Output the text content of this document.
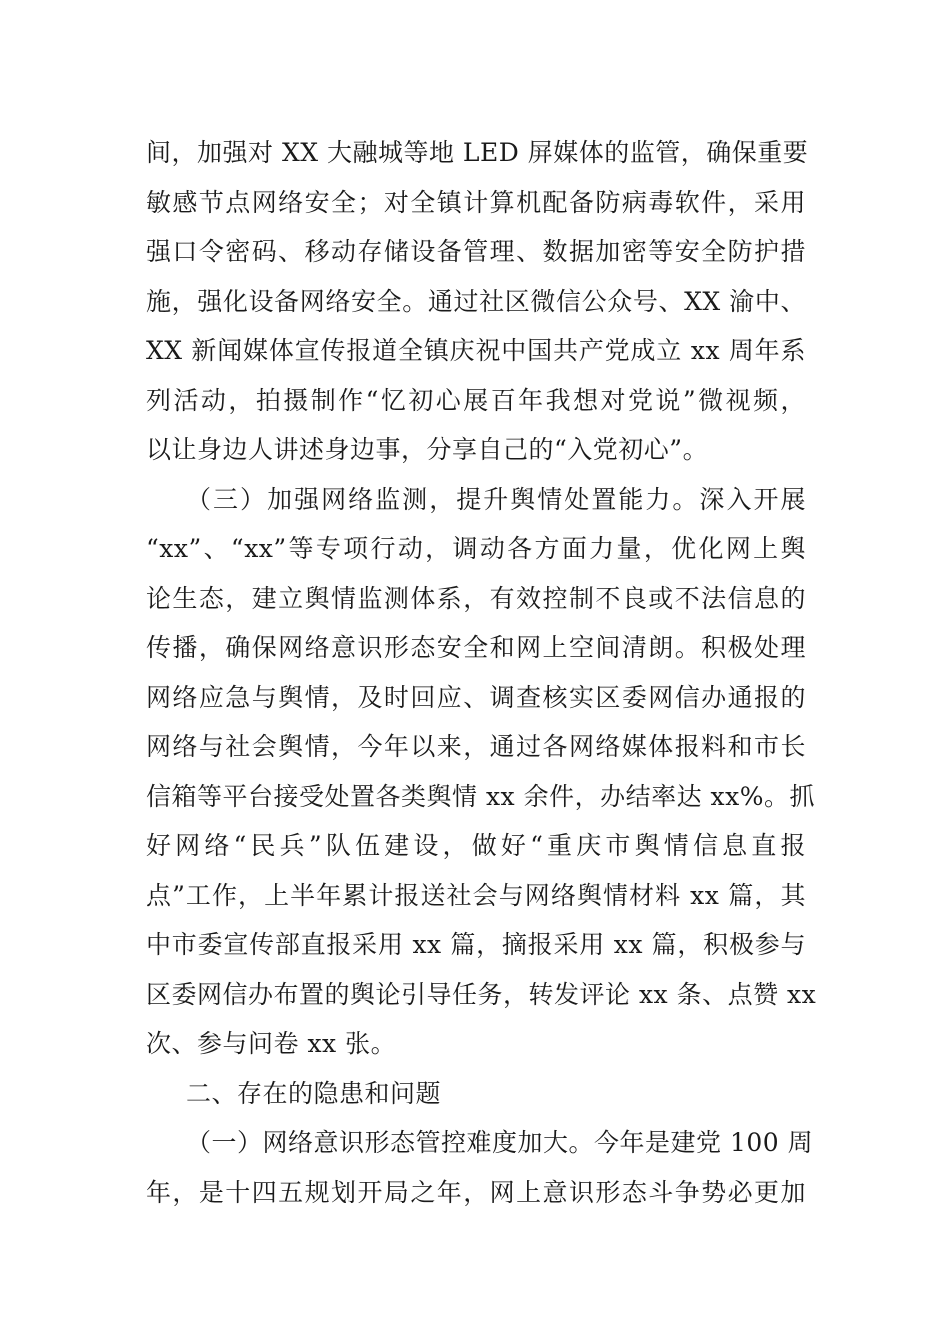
间，加强对 XX 大融城等地 LED 屏媒体的监管，确保重要
敏感节点网络安全；对全镇计算机配备防病毒软件，采用
强口令密码、移动存储设备管理、数据加密等安全防护措
施，强化设备网络安全。通过社区微信公众号、XX 渝中、
XX 新闻媒体宣传报道全镇庆祝中国共产党成立 xx 周年系
列活动，拍摄制作“忆初心展百年我想对党说”微视频，
以让身边人讲述身边事，分享自己的“入党初心”。
（三）加强网络监测，提升舆情处置能力。深入开展
“xx”、“xx”等专项行动，调动各方面力量，优化网上舆
论生态，建立舆情监测体系，有效控制不良或不法信息的
传播，确保网络意识形态安全和网上空间清朗。积极处理
网络应急与舆情，及时回应、调查核实区委网信办通报的
网络与社会舆情，今年以来，通过各网络媒体报料和市长
信箱等平台接受处置各类舆情 xx 余件，办结率达 xx%。抓
好网络“民兵”队伍建设，做好“重庆市舆情信息直报
点”工作，上半年累计报送社会与网络舆情材料 xx 篇，其
中市委宣传部直报采用 xx 篇，摘报采用 xx 篇，积极参与
区委网信办布置的舆论引导任务，转发评论 xx 条、点赞 xx
次、参与问卷 xx 张。
二、存在的隐患和问题
（一）网络意识形态管控难度加大。今年是建党 100 周
年，是十四五规划开局之年，网上意识形态斗争势必更加
